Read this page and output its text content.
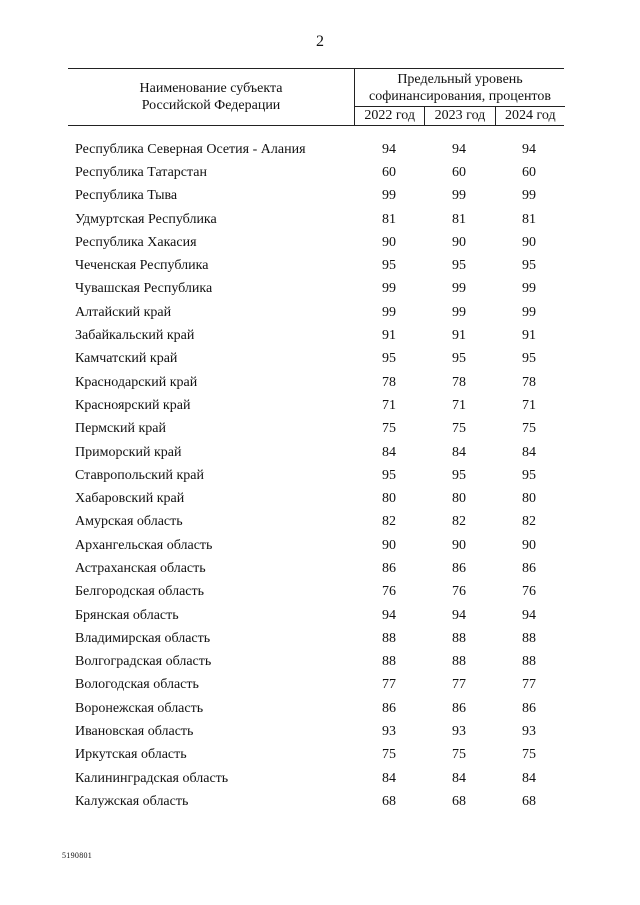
2
Наименование субъекта
Российской Федерации
Предельный уровень
софинансирования, процентов
2022 год	2023 год	2024 год
Республика Северная Осетия - Алания	94	94	94
Республика Татарстан	60	60	60
Республика Тыва	99	99	99
Удмуртская Республика	81	81	81
Республика Хакасия	90	90	90
Чеченская Республика	95	95	95
Чувашская Республика	99	99	99
Алтайский край	99	99	99
Забайкальский край	91	91	91
Камчатский край	95	95	95
Краснодарский край	78	78	78
Красноярский край	71	71	71
Пермский край	75	75	75
Приморский край	84	84	84
Ставропольский край	95	95	95
Хабаровский край	80	80	80
Амурская область	82	82	82
Архангельская область	90	90	90
Астраханская область	86	86	86
Белгородская область	76	76	76
Брянская область	94	94	94
Владимирская область	88	88	88
Волгоградская область	88	88	88
Вологодская область	77	77	77
Воронежская область	86	86	86
Ивановская область	93	93	93
Иркутская область	75	75	75
Калининградская область	84	84	84
Калужская область	68	68	68
5190801
